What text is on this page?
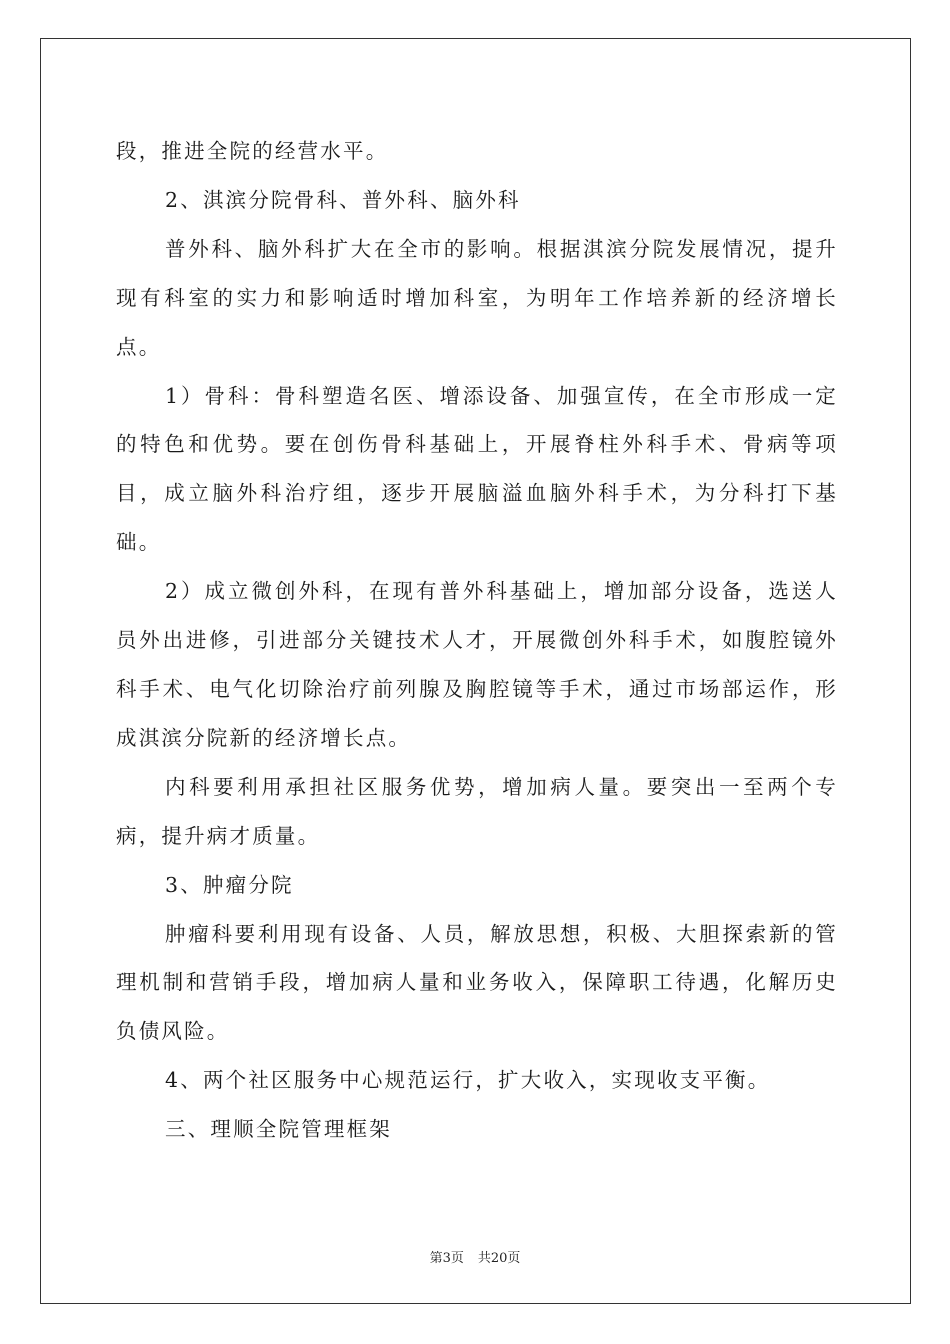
段，推进全院的经营水平。

2、淇滨分院骨科、普外科、脑外科

普外科、脑外科扩大在全市的影响。根据淇滨分院发展情况，提升现有科室的实力和影响适时增加科室，为明年工作培养新的经济增长点。

1）骨科：骨科塑造名医、增添设备、加强宣传，在全市形成一定的特色和优势。要在创伤骨科基础上，开展脊柱外科手术、骨病等项目，成立脑外科治疗组，逐步开展脑溢血脑外科手术，为分科打下基础。

2）成立微创外科，在现有普外科基础上，增加部分设备，选送人员外出进修，引进部分关键技术人才，开展微创外科手术，如腹腔镜外科手术、电气化切除治疗前列腺及胸腔镜等手术，通过市场部运作，形成淇滨分院新的经济增长点。

内科要利用承担社区服务优势，增加病人量。要突出一至两个专病，提升病才质量。

3、肿瘤分院

肿瘤科要利用现有设备、人员，解放思想，积极、大胆探索新的管理机制和营销手段，增加病人量和业务收入，保障职工待遇，化解历史负债风险。

4、两个社区服务中心规范运行，扩大收入，实现收支平衡。

三、理顺全院管理框架

第3页 共20页
